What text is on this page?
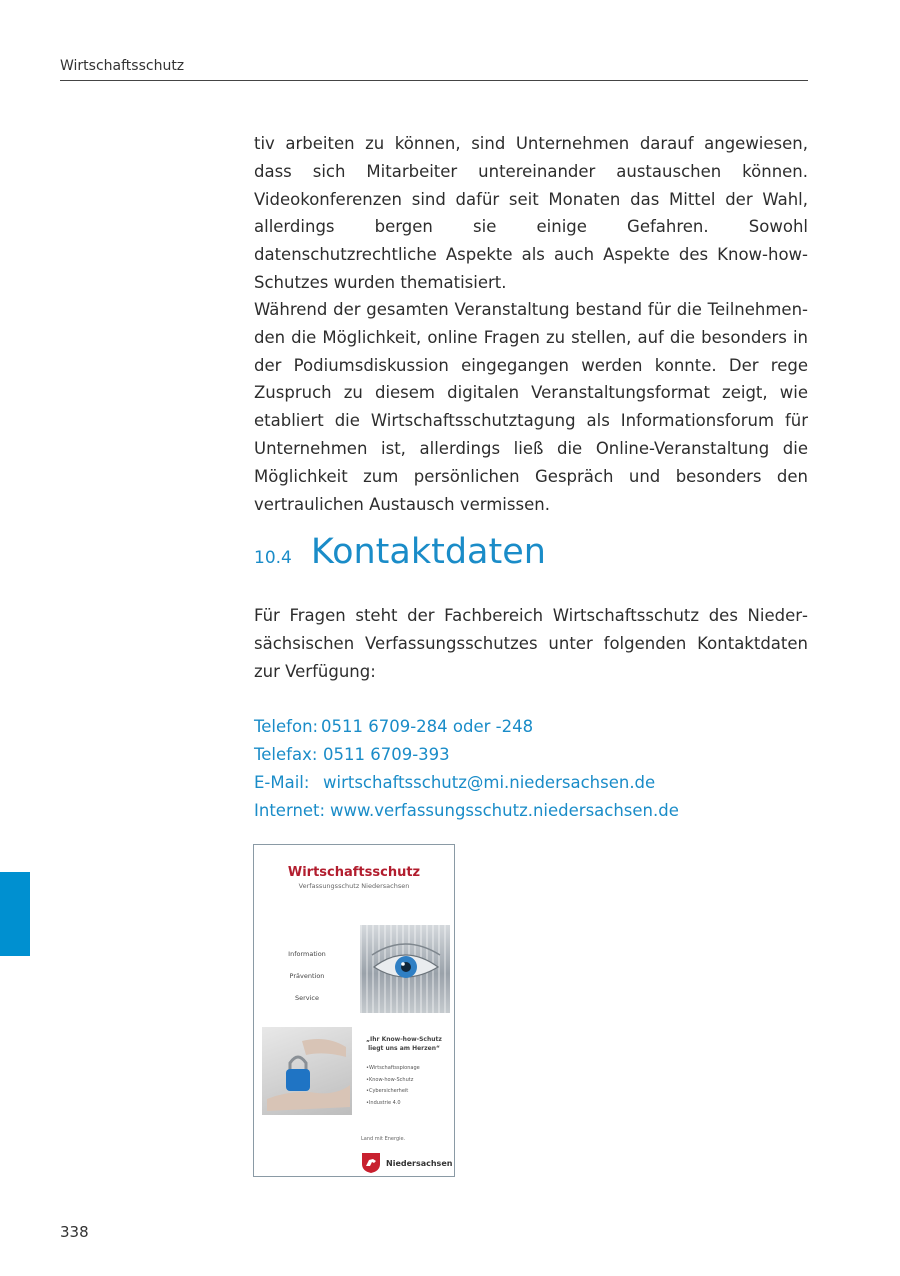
Wirtschaftsschutz

tiv arbeiten zu können, sind Unternehmen darauf angewiesen, dass sich Mitarbeiter untereinander austauschen können. Videokonferenzen sind dafür seit Monaten das Mittel der Wahl, allerdings bergen sie einige Gefahren. Sowohl datenschutzrechtliche Aspekte als auch Aspekte des Know-how-Schutzes wurden thematisiert.

Während der gesamten Veranstaltung bestand für die Teilnehmenden die Möglichkeit, online Fragen zu stellen, auf die besonders in der Podiumsdiskussion eingegangen werden konnte. Der rege Zuspruch zu diesem digitalen Veranstaltungsformat zeigt, wie etabliert die Wirtschaftsschutztagung als Informationsforum für Unternehmen ist, allerdings ließ die Online-Veranstaltung die Möglichkeit zum persönlichen Gespräch und besonders den vertraulichen Austausch vermissen.

10.4 Kontaktdaten

Für Fragen steht der Fachbereich Wirtschaftsschutz des Niedersächsischen Verfassungsschutzes unter folgenden Kontaktdaten zur Verfügung:

Telefon: 0511 6709-284 oder -248
Telefax: 0511 6709-393
E-Mail: wirtschaftsschutz@mi.niedersachsen.de
Internet: www.verfassungsschutz.niedersachsen.de
Wirtschaftsschutz
Verfassungsschutz Niedersachsen
Information
Prävention
Service
„Ihr Know-how-Schutz
liegt uns am Herzen“
• Wirtschaftsspionage
• Know-how-Schutz
• Cybersicherheit
• Industrie 4.0
Land mit Energie.
Niedersachsen
338
